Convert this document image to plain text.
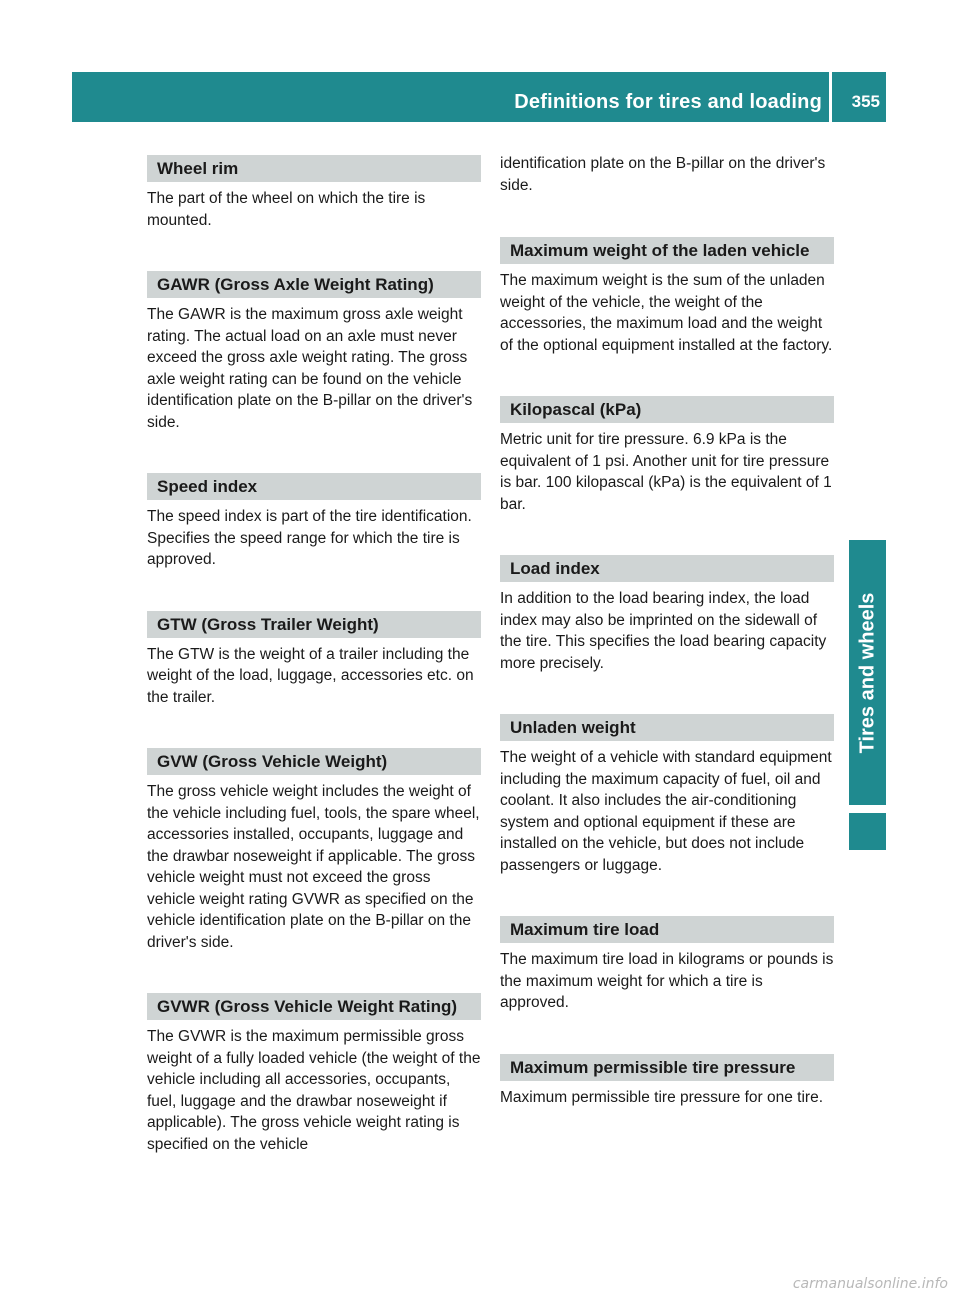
Definitions for tires and loading 355
Tires and wheels
Wheel rim

The part of the wheel on which the tire is mounted.

GAWR (Gross Axle Weight Rating)

The GAWR is the maximum gross axle weight rating. The actual load on an axle must never exceed the gross axle weight rating. The gross axle weight rating can be found on the vehicle identification plate on the B-pillar on the driver's side.

Speed index

The speed index is part of the tire identification. Specifies the speed range for which the tire is approved.

GTW (Gross Trailer Weight)

The GTW is the weight of a trailer including the weight of the load, luggage, accessories etc. on the trailer.

GVW (Gross Vehicle Weight)

The gross vehicle weight includes the weight of the vehicle including fuel, tools, the spare wheel, accessories installed, occupants, luggage and the drawbar noseweight if applicable. The gross vehicle weight must not exceed the gross vehicle weight rating GVWR as specified on the vehicle identification plate on the B-pillar on the driver's side.

GVWR (Gross Vehicle Weight Rating)

The GVWR is the maximum permissible gross weight of a fully loaded vehicle (the weight of the vehicle including all accessories, occupants, fuel, luggage and the drawbar noseweight if applicable). The gross vehicle weight rating is specified on the vehicle

identification plate on the B-pillar on the driver's side.

Maximum weight of the laden vehicle

The maximum weight is the sum of the unladen weight of the vehicle, the weight of the accessories, the maximum load and the weight of the optional equipment installed at the factory.

Kilopascal (kPa)

Metric unit for tire pressure. 6.9 kPa is the equivalent of 1 psi. Another unit for tire pressure is bar. 100 kilopascal (kPa) is the equivalent of 1 bar.

Load index

In addition to the load bearing index, the load index may also be imprinted on the sidewall of the tire. This specifies the load bearing capacity more precisely.

Unladen weight

The weight of a vehicle with standard equipment including the maximum capacity of fuel, oil and coolant. It also includes the air-conditioning system and optional equipment if these are installed on the vehicle, but does not include passengers or luggage.

Maximum tire load

The maximum tire load in kilograms or pounds is the maximum weight for which a tire is approved.

Maximum permissible tire pressure

Maximum permissible tire pressure for one tire.

carmanualsonline.info
